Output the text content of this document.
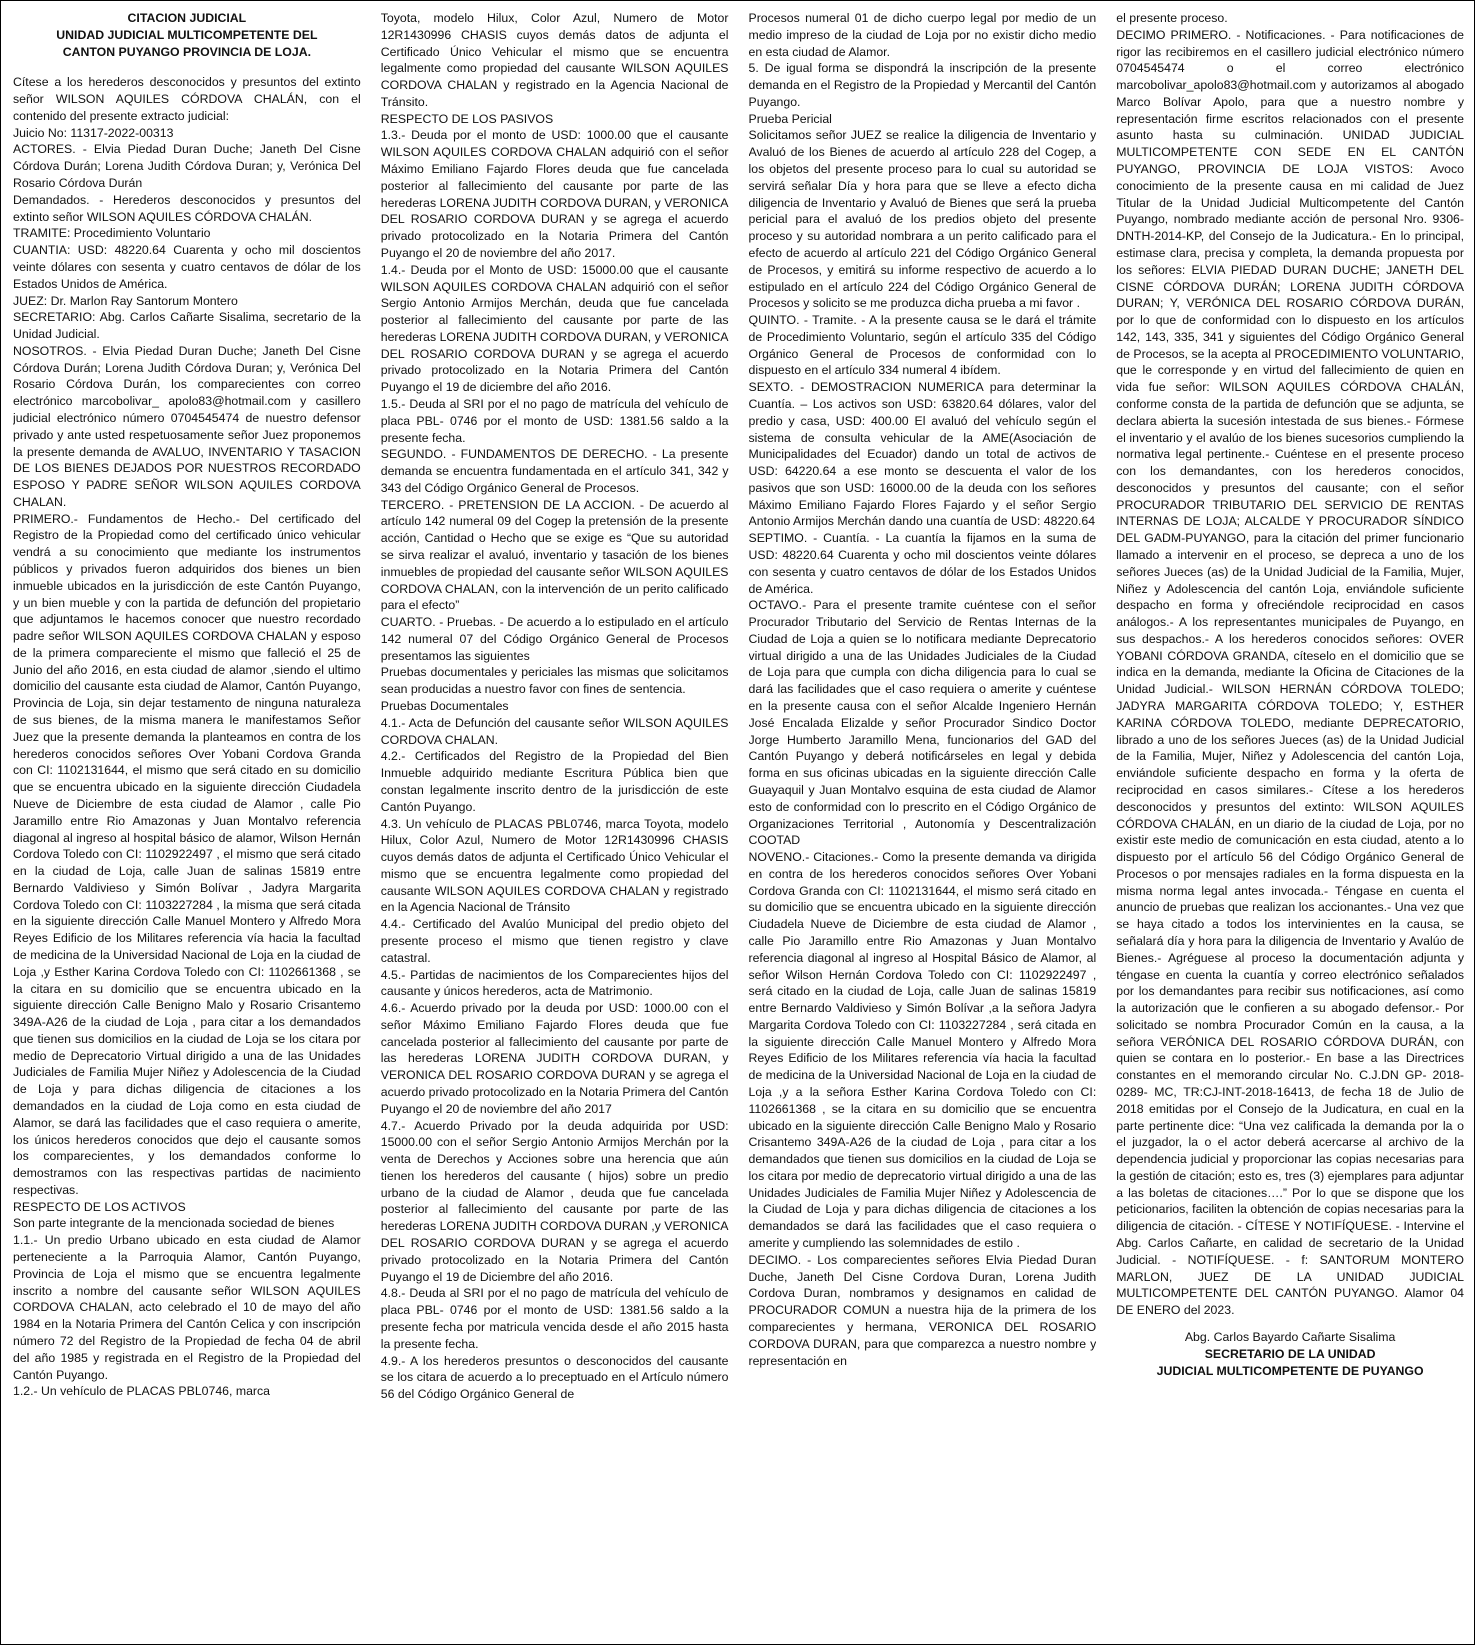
CITACION JUDICIAL

UNIDAD JUDICIAL MULTICOMPETENTE DEL

CANTON PUYANGO PROVINCIA DE LOJA.

Cítese a los herederos desconocidos y presuntos del extinto señor WILSON AQUILES CÓRDOVA CHALÁN, con el contenido del presente extracto judicial:

Juicio No: 11317-2022-00313

ACTORES. - Elvia Piedad Duran Duche; Janeth Del Cisne Córdova Durán; Lorena Judith Córdova Duran; y, Verónica Del Rosario Córdova Durán

Demandados. - Herederos desconocidos y presuntos del extinto señor WILSON AQUILES CÓRDOVA CHALÁN.

TRAMITE: Procedimiento Voluntario

CUANTIA: USD: 48220.64 Cuarenta y ocho mil doscientos veinte dólares con sesenta y cuatro centavos de dólar de los Estados Unidos de América.

JUEZ: Dr. Marlon Ray Santorum Montero

SECRETARIO: Abg. Carlos Cañarte Sisalima, secretario de la Unidad Judicial.

NOSOTROS. - Elvia Piedad Duran Duche; Janeth Del Cisne Córdova Durán; Lorena Judith Córdova Duran; y, Verónica Del Rosario Córdova Durán, los comparecientes con correo electrónico marcobolivar_ apolo83@hotmail.com y casillero judicial electrónico número 0704545474 de nuestro defensor privado y ante usted respetuosamente señor Juez proponemos la presente demanda de AVALUO, INVENTARIO Y TASACION DE LOS BIENES DEJADOS POR NUESTROS RECORDADO ESPOSO Y PADRE SEÑOR WILSON AQUILES CORDOVA CHALAN.

PRIMERO.- Fundamentos de Hecho.- Del certificado del Registro de la Propiedad como del certificado único vehicular vendrá a su conocimiento que mediante los instrumentos públicos y privados fueron adquiridos dos bienes un bien inmueble ubicados en la jurisdicción de este Cantón Puyango, y un bien mueble y con la partida de defunción del propietario que adjuntamos le hacemos conocer que nuestro recordado padre señor WILSON AQUILES CORDOVA CHALAN y esposo de la primera compareciente el mismo que falleció el 25 de Junio del año 2016, en esta ciudad de alamor ,siendo el ultimo domicilio del causante esta ciudad de Alamor, Cantón Puyango, Provincia de Loja, sin dejar testamento de ninguna naturaleza de sus bienes, de la misma manera le manifestamos Señor Juez que la presente demanda la planteamos en contra de los herederos conocidos señores Over Yobani Cordova Granda con CI: 1102131644, el mismo que será citado en su domicilio que se encuentra ubicado en la siguiente dirección Ciudadela Nueve de Diciembre de esta ciudad de Alamor , calle Pio Jaramillo entre Rio Amazonas y Juan Montalvo referencia diagonal al ingreso al hospital básico de alamor, Wilson Hernán Cordova Toledo con CI: 1102922497 , el mismo que será citado en la ciudad de Loja, calle Juan de salinas 15819 entre Bernardo Valdivieso y Simón Bolívar , Jadyra Margarita Cordova Toledo con CI: 1103227284 , la misma que será citada en la siguiente dirección Calle Manuel Montero y Alfredo Mora Reyes Edificio de los Militares referencia vía hacia la facultad de medicina de la Universidad Nacional de Loja en la ciudad de Loja ,y Esther Karina Cordova Toledo con CI: 1102661368 , se la citara en su domicilio que se encuentra ubicado en la siguiente dirección Calle Benigno Malo y Rosario Crisantemo 349A-A26 de la ciudad de Loja , para citar a los demandados que tienen sus domicilios en la ciudad de Loja se los citara por medio de Deprecatorio Virtual dirigido a una de las Unidades Judiciales de Familia Mujer Niñez y Adolescencia de la Ciudad de Loja y para dichas diligencia de citaciones a los demandados en la ciudad de Loja como en esta ciudad de Alamor, se dará las facilidades que el caso requiera o amerite, los únicos herederos conocidos que dejo el causante somos los comparecientes, y los demandados conforme lo demostramos con las respectivas partidas de nacimiento respectivas.

RESPECTO DE LOS ACTIVOS

Son parte integrante de la mencionada sociedad de bienes

1.1.- Un predio Urbano ubicado en esta ciudad de Alamor perteneciente a la Parroquia Alamor, Cantón Puyango, Provincia de Loja el mismo que se encuentra legalmente inscrito a nombre del causante señor WILSON AQUILES CORDOVA CHALAN, acto celebrado el 10 de mayo del año 1984 en la Notaria Primera del Cantón Celica y con inscripción número 72 del Registro de la Propiedad de fecha 04 de abril del año 1985 y registrada en el Registro de la Propiedad del Cantón Puyango.

1.2.- Un vehículo de PLACAS PBL0746, marca

Toyota, modelo Hilux, Color Azul, Numero de Motor 12R1430996 CHASIS cuyos demás datos de adjunta el Certificado Único Vehicular el mismo que se encuentra legalmente como propiedad del causante WILSON AQUILES CORDOVA CHALAN y registrado en la Agencia Nacional de Tránsito.

RESPECTO DE LOS PASIVOS

1.3.- Deuda por el monto de USD: 1000.00 que el causante WILSON AQUILES CORDOVA CHALAN adquirió con el señor Máximo Emiliano Fajardo Flores deuda que fue cancelada posterior al fallecimiento del causante por parte de las herederas LORENA JUDITH CORDOVA DURAN, y VERONICA DEL ROSARIO CORDOVA DURAN y se agrega el acuerdo privado protocolizado en la Notaria Primera del Cantón Puyango el 20 de noviembre del año 2017.

1.4.- Deuda por el Monto de USD: 15000.00 que el causante WILSON AQUILES CORDOVA CHALAN adquirió con el señor Sergio Antonio Armijos Merchán, deuda que fue cancelada posterior al fallecimiento del causante por parte de las herederas LORENA JUDITH CORDOVA DURAN, y VERONICA DEL ROSARIO CORDOVA DURAN y se agrega el acuerdo privado protocolizado en la Notaria Primera del Cantón Puyango el 19 de diciembre del año 2016.

1.5.- Deuda al SRI por el no pago de matrícula del vehículo de placa PBL- 0746 por el monto de USD: 1381.56 saldo a la presente fecha.

SEGUNDO. - FUNDAMENTOS DE DERECHO. - La presente demanda se encuentra fundamentada en el artículo 341, 342 y 343 del Código Orgánico General de Procesos.

TERCERO. - PRETENSION DE LA ACCION. - De acuerdo al artículo 142 numeral 09 del Cogep la pretensión de la presente acción, Cantidad o Hecho que se exige es “Que su autoridad se sirva realizar el avaluó, inventario y tasación de los bienes inmuebles de propiedad del causante señor WILSON AQUILES CORDOVA CHALAN, con la intervención de un perito calificado para el efecto”

CUARTO. - Pruebas. - De acuerdo a lo estipulado en el artículo 142 numeral 07 del Código Orgánico General de Procesos presentamos las siguientes

Pruebas documentales y periciales las mismas que solicitamos sean producidas a nuestro favor con fines de sentencia.

Pruebas Documentales

4.1.- Acta de Defunción del causante señor WILSON AQUILES CORDOVA CHALAN.

4.2.- Certificados del Registro de la Propiedad del Bien Inmueble adquirido mediante Escritura Pública bien que constan legalmente inscrito dentro de la jurisdicción de este Cantón Puyango.

4.3. Un vehículo de PLACAS PBL0746, marca Toyota, modelo Hilux, Color Azul, Numero de Motor 12R1430996 CHASIS cuyos demás datos de adjunta el Certificado Único Vehicular el mismo que se encuentra legalmente como propiedad del causante WILSON AQUILES CORDOVA CHALAN y registrado en la Agencia Nacional de Tránsito

4.4.- Certificado del Avalúo Municipal del predio objeto del presente proceso el mismo que tienen registro y clave catastral.

4.5.- Partidas de nacimientos de los Comparecientes hijos del causante y únicos herederos, acta de Matrimonio.

4.6.- Acuerdo privado por la deuda por USD: 1000.00 con el señor Máximo Emiliano Fajardo Flores deuda que fue cancelada posterior al fallecimiento del causante por parte de las herederas LORENA JUDITH CORDOVA DURAN, y VERONICA DEL ROSARIO CORDOVA DURAN y se agrega el acuerdo privado protocolizado en la Notaria Primera del Cantón Puyango el 20 de noviembre del año 2017

4.7.- Acuerdo Privado por la deuda adquirida por USD: 15000.00 con el señor Sergio Antonio Armijos Merchán por la venta de Derechos y Acciones sobre una herencia que aún tienen los herederos del causante ( hijos) sobre un predio urbano de la ciudad de Alamor , deuda que fue cancelada posterior al fallecimiento del causante por parte de las herederas LORENA JUDITH CORDOVA DURAN ,y VERONICA DEL ROSARIO CORDOVA DURAN y se agrega el acuerdo privado protocolizado en la Notaria Primera del Cantón Puyango el 19 de Diciembre del año 2016.

4.8.- Deuda al SRI por el no pago de matrícula del vehículo de placa PBL- 0746 por el monto de USD: 1381.56 saldo a la presente fecha por matricula vencida desde el año 2015 hasta la presente fecha.

4.9.- A los herederos presuntos o desconocidos del causante se los citara de acuerdo a lo preceptuado en el Artículo número 56 del Código Orgánico General de

Procesos numeral 01 de dicho cuerpo legal por medio de un medio impreso de la ciudad de Loja por no existir dicho medio en esta ciudad de Alamor.

5. De igual forma se dispondrá la inscripción de la presente demanda en el Registro de la Propiedad y Mercantil del Cantón Puyango.

Prueba Pericial

Solicitamos señor JUEZ se realice la diligencia de Inventario y Avaluó de los Bienes de acuerdo al artículo 228 del Cogep, a los objetos del presente proceso para lo cual su autoridad se servirá señalar Día y hora para que se lleve a efecto dicha diligencia de Inventario y Avaluó de Bienes que será la prueba pericial para el avaluó de los predios objeto del presente proceso y su autoridad nombrara a un perito calificado para el efecto de acuerdo al artículo 221 del Código Orgánico General de Procesos, y emitirá su informe respectivo de acuerdo a lo estipulado en el artículo 224 del Código Orgánico General de Procesos y solicito se me produzca dicha prueba a mi favor .

QUINTO. - Tramite. - A la presente causa se le dará el trámite de Procedimiento Voluntario, según el artículo 335 del Código Orgánico General de Procesos de conformidad con lo dispuesto en el artículo 334 numeral 4 ibídem.

SEXTO. - DEMOSTRACION NUMERICA para determinar la Cuantía. – Los activos son USD: 63820.64 dólares, valor del predio y casa, USD: 400.00 El avaluó del vehículo según el sistema de consulta vehicular de la AME(Asociación de Municipalidades del Ecuador) dando un total de activos de USD: 64220.64 a ese monto se descuenta el valor de los pasivos que son USD: 16000.00 de la deuda con los señores Máximo Emiliano Fajardo Flores Fajardo y el señor Sergio Antonio Armijos Merchán dando una cuantía de USD: 48220.64

SEPTIMO. - Cuantía. - La cuantía la fijamos en la suma de USD: 48220.64 Cuarenta y ocho mil doscientos veinte dólares con sesenta y cuatro centavos de dólar de los Estados Unidos de América.

OCTAVO.- Para el presente tramite cuéntese con el señor Procurador Tributario del Servicio de Rentas Internas de la Ciudad de Loja a quien se lo notificara mediante Deprecatorio virtual dirigido a una de las Unidades Judiciales de la Ciudad de Loja para que cumpla con dicha diligencia para lo cual se dará las facilidades que el caso requiera o amerite y cuéntese en la presente causa con el señor Alcalde Ingeniero Hernán José Encalada Elizalde y señor Procurador Sindico Doctor Jorge Humberto Jaramillo Mena, funcionarios del GAD del Cantón Puyango y deberá notificárseles en legal y debida forma en sus oficinas ubicadas en la siguiente dirección Calle Guayaquil y Juan Montalvo esquina de esta ciudad de Alamor esto de conformidad con lo prescrito en el Código Orgánico de Organizaciones Territorial , Autonomía y Descentralización COOTAD

NOVENO.- Citaciones.- Como la presente demanda va dirigida en contra de los herederos conocidos señores Over Yobani Cordova Granda con CI: 1102131644, el mismo será citado en su domicilio que se encuentra ubicado en la siguiente dirección Ciudadela Nueve de Diciembre de esta ciudad de Alamor , calle Pio Jaramillo entre Rio Amazonas y Juan Montalvo referencia diagonal al ingreso al Hospital Básico de Alamor, al señor Wilson Hernán Cordova Toledo con CI: 1102922497 , será citado en la ciudad de Loja, calle Juan de salinas 15819 entre Bernardo Valdivieso y Simón Bolívar ,a la señora Jadyra Margarita Cordova Toledo con CI: 1103227284 , será citada en la siguiente dirección Calle Manuel Montero y Alfredo Mora Reyes Edificio de los Militares referencia vía hacia la facultad de medicina de la Universidad Nacional de Loja en la ciudad de Loja ,y a la señora Esther Karina Cordova Toledo con CI: 1102661368 , se la citara en su domicilio que se encuentra ubicado en la siguiente dirección Calle Benigno Malo y Rosario Crisantemo 349A-A26 de la ciudad de Loja , para citar a los demandados que tienen sus domicilios en la ciudad de Loja se los citara por medio de deprecatorio virtual dirigido a una de las Unidades Judiciales de Familia Mujer Niñez y Adolescencia de la Ciudad de Loja y para dichas diligencia de citaciones a los demandados se dará las facilidades que el caso requiera o amerite y cumpliendo las solemnidades de estilo .

DECIMO. - Los comparecientes señores Elvia Piedad Duran Duche, Janeth Del Cisne Cordova Duran, Lorena Judith Cordova Duran, nombramos y designamos en calidad de PROCURADOR COMUN a nuestra hija de la primera de los comparecientes y hermana, VERONICA DEL ROSARIO CORDOVA DURAN, para que comparezca a nuestro nombre y representación en

el presente proceso.

DECIMO PRIMERO. - Notificaciones. - Para notificaciones de rigor las recibiremos en el casillero judicial electrónico número 0704545474 o el correo electrónico marcobolivar_apolo83@hotmail.com y autorizamos al abogado Marco Bolívar Apolo, para que a nuestro nombre y representación firme escritos relacionados con el presente asunto hasta su culminación. UNIDAD JUDICIAL MULTICOMPETENTE CON SEDE EN EL CANTÓN PUYANGO, PROVINCIA DE LOJA VISTOS: Avoco conocimiento de la presente causa en mi calidad de Juez Titular de la Unidad Judicial Multicompetente del Cantón Puyango, nombrado mediante acción de personal Nro. 9306-DNTH-2014-KP, del Consejo de la Judicatura.- En lo principal, estimase clara, precisa y completa, la demanda propuesta por los señores: ELVIA PIEDAD DURAN DUCHE; JANETH DEL CISNE CÓRDOVA DURÁN; LORENA JUDITH CÓRDOVA DURAN; Y, VERÓNICA DEL ROSARIO CÓRDOVA DURÁN, por lo que de conformidad con lo dispuesto en los artículos 142, 143, 335, 341 y siguientes del Código Orgánico General de Procesos, se la acepta al PROCEDIMIENTO VOLUNTARIO, que le corresponde y en virtud del fallecimiento de quien en vida fue señor: WILSON AQUILES CÓRDOVA CHALÁN, conforme consta de la partida de defunción que se adjunta, se declara abierta la sucesión intestada de sus bienes.- Fórmese el inventario y el avalúo de los bienes sucesorios cumpliendo la normativa legal pertinente.- Cuéntese en el presente proceso con los demandantes, con los herederos conocidos, desconocidos y presuntos del causante; con el señor PROCURADOR TRIBUTARIO DEL SERVICIO DE RENTAS INTERNAS DE LOJA; ALCALDE Y PROCURADOR SÍNDICO DEL GADM-PUYANGO, para la citación del primer funcionario llamado a intervenir en el proceso, se depreca a uno de los señores Jueces (as) de la Unidad Judicial de la Familia, Mujer, Niñez y Adolescencia del cantón Loja, enviándole suficiente despacho en forma y ofreciéndole reciprocidad en casos análogos.- A los representantes municipales de Puyango, en sus despachos.- A los herederos conocidos señores: OVER YOBANI CÓRDOVA GRANDA, cíteselo en el domicilio que se indica en la demanda, mediante la Oficina de Citaciones de la Unidad Judicial.- WILSON HERNÁN CÓRDOVA TOLEDO; JADYRA MARGARITA CÓRDOVA TOLEDO; Y, ESTHER KARINA CÓRDOVA TOLEDO, mediante DEPRECATORIO, librado a uno de los señores Jueces (as) de la Unidad Judicial de la Familia, Mujer, Niñez y Adolescencia del cantón Loja, enviándole suficiente despacho en forma y la oferta de reciprocidad en casos similares.- Cítese a los herederos desconocidos y presuntos del extinto: WILSON AQUILES CÓRDOVA CHALÁN, en un diario de la ciudad de Loja, por no existir este medio de comunicación en esta ciudad, atento a lo dispuesto por el artículo 56 del Código Orgánico General de Procesos o por mensajes radiales en la forma dispuesta en la misma norma legal antes invocada.- Téngase en cuenta el anuncio de pruebas que realizan los accionantes.- Una vez que se haya citado a todos los intervinientes en la causa, se señalará día y hora para la diligencia de Inventario y Avalúo de Bienes.- Agréguese al proceso la documentación adjunta y téngase en cuenta la cuantía y correo electrónico señalados por los demandantes para recibir sus notificaciones, así como la autorización que le confieren a su abogado defensor.- Por solicitado se nombra Procurador Común en la causa, a la señora VERÓNICA DEL ROSARIO CÓRDOVA DURÁN, con quien se contara en lo posterior.- En base a las Directrices constantes en el memorando circular No. C.J.DN GP- 2018-0289- MC, TR:CJ-INT-2018-16413, de fecha 18 de Julio de 2018 emitidas por el Consejo de la Judicatura, en cual en la parte pertinente dice: “Una vez calificada la demanda por la o el juzgador, la o el actor deberá acercarse al archivo de la dependencia judicial y proporcionar las copias necesarias para la gestión de citación; esto es, tres (3) ejemplares para adjuntar a las boletas de citaciones….” Por lo que se dispone que los peticionarios, faciliten la obtención de copias necesarias para la diligencia de citación. - CÍTESE Y NOTIFÍQUESE. - Intervine el Abg. Carlos Cañarte, en calidad de secretario de la Unidad Judicial. - NOTIFÍQUESE. - f: SANTORUM MONTERO MARLON, JUEZ DE LA UNIDAD JUDICIAL MULTICOMPETENTE DEL CANTÓN PUYANGO. Alamor 04 DE ENERO del 2023.

Abg. Carlos Bayardo Cañarte Sisalima

SECRETARIO DE LA UNIDAD

JUDICIAL MULTICOMPETENTE DE PUYANGO
